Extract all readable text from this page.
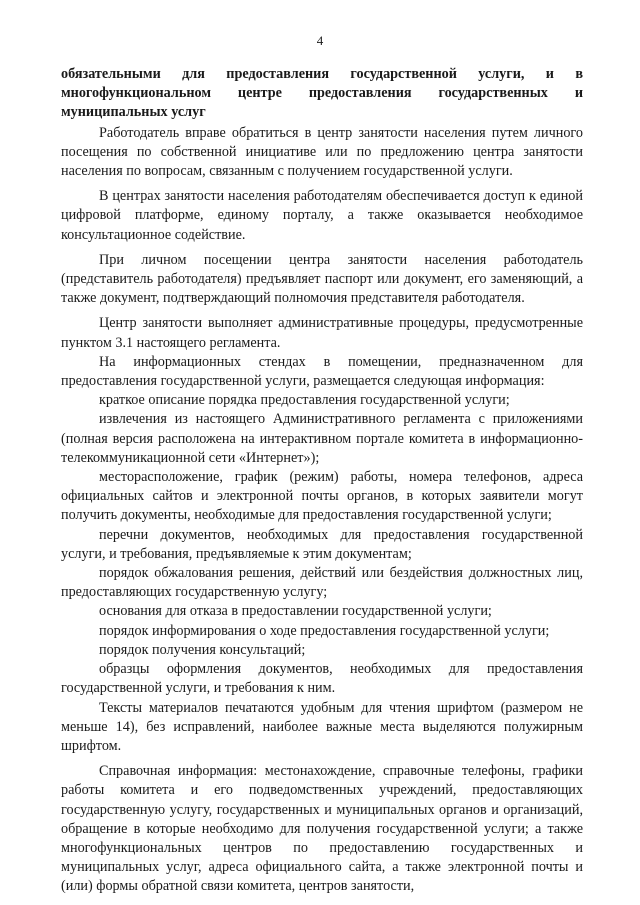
4

обязательными для предоставления государственной услуги, и в многофункциональном центре предоставления государственных и муниципальных услуг

Работодатель вправе обратиться в центр занятости населения путем личного посещения по собственной инициативе или по предложению центра занятости населения по вопросам, связанным с получением государственной услуги.

В центрах занятости населения работодателям обеспечивается доступ к единой цифровой платформе, единому порталу, а также оказывается необходимое консультационное содействие.

При личном посещении центра занятости населения работодатель (представитель работодателя) предъявляет паспорт или документ, его заменяющий, а также документ, подтверждающий полномочия представителя работодателя.

Центр занятости выполняет административные процедуры, предусмотренные пунктом 3.1 настоящего регламента.

На информационных стендах в помещении, предназначенном для предоставления государственной услуги, размещается следующая информация:

краткое описание порядка предоставления государственной услуги;

извлечения из настоящего Административного регламента с приложениями (полная версия расположена на интерактивном портале комитета в информационно-телекоммуникационной сети «Интернет»);

месторасположение, график (режим) работы, номера телефонов, адреса официальных сайтов и электронной почты органов, в которых заявители могут получить документы, необходимые для предоставления государственной услуги;

перечни документов, необходимых для предоставления государственной услуги, и требования, предъявляемые к этим документам;

порядок обжалования решения, действий или бездействия должностных лиц, предоставляющих государственную услугу;

основания для отказа в предоставлении государственной услуги;

порядок информирования о ходе предоставления государственной услуги;

порядок получения консультаций;

образцы оформления документов, необходимых для предоставления государственной услуги, и требования к ним.

Тексты материалов печатаются удобным для чтения шрифтом (размером не меньше 14), без исправлений, наиболее важные места выделяются полужирным шрифтом.

Справочная информация: местонахождение, справочные телефоны, графики работы комитета и его подведомственных учреждений, предоставляющих государственную услугу, государственных и муниципальных органов и организаций, обращение в которые необходимо для получения государственной услуги; а также многофункциональных центров по предоставлению государственных и муниципальных услуг, адреса официального сайта, а также электронной почты и (или) формы обратной связи комитета, центров занятости,
